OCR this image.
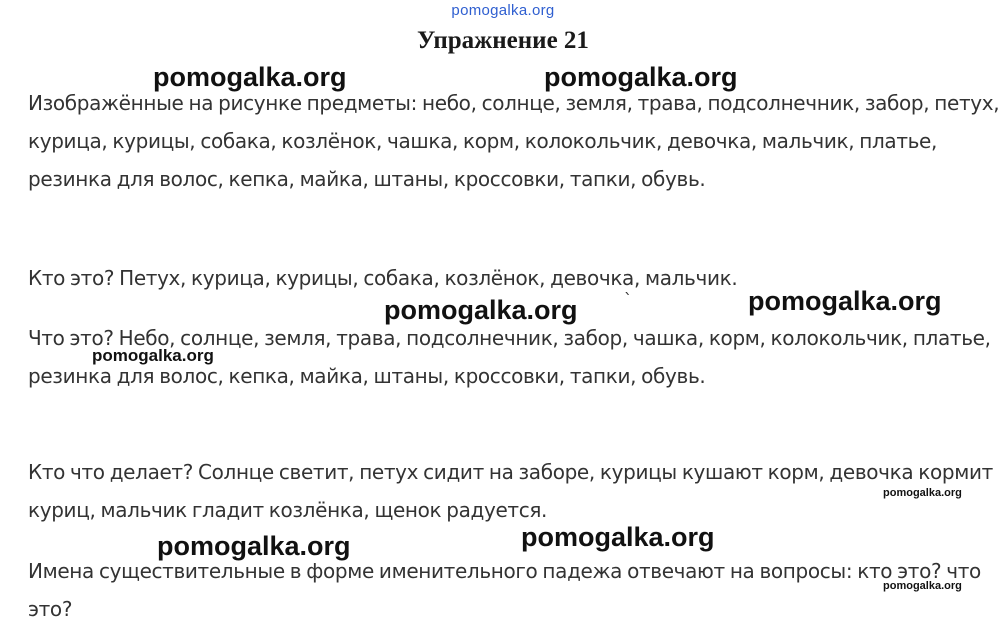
pomogalka.org
Упражнение 21

Изображённые на рисунке предметы: небо, солнце, земля, трава, подсолнечник, забор, петух, курица, курицы, собака, козлёнок, чашка, корм, колокольчик, девочка, мальчик, платье, резинка для волос, кепка, майка, штаны, кроссовки, тапки, обувь.

Кто это? Петух, курица, курицы, собака, козлёнок, девочка, мальчик.

Что это? Небо, солнце, земля, трава, подсолнечник, забор, чашка, корм, колокольчик, платье, резинка для волос, кепка, майка, штаны, кроссовки, тапки, обувь.

Кто что делает? Солнце светит, петух сидит на заборе, курицы кушают корм, девочка кормит куриц, мальчик гладит козлёнка, щенок радуется.

Имена существительные в форме именительного падежа отвечают на вопросы: кто это? что это?

`
pomogalka.org	pomogalka.org
pomogalka.org	pomogalka.org
pomogalka.org
pomogalka.org
pomogalka.org	pomogalka.org
pomogalka.org
